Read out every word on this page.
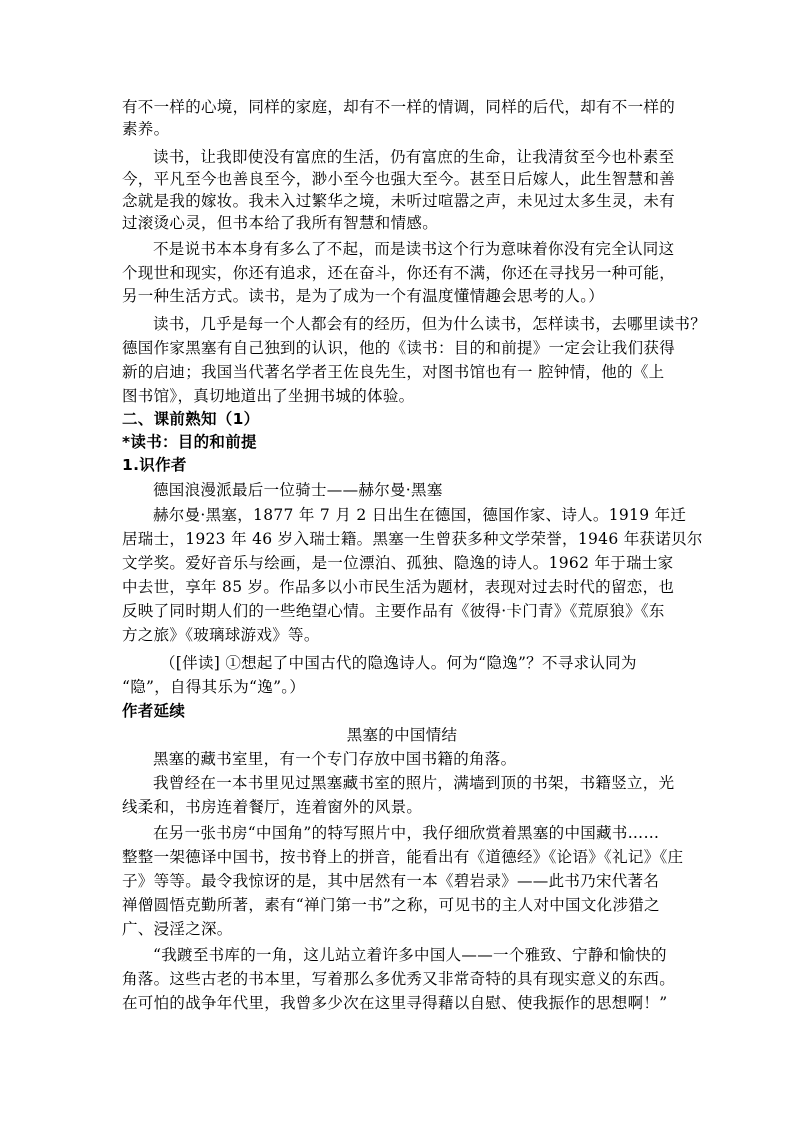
有不一样的心境，同样的家庭，却有不一样的情调，同样的后代，却有不一样的
素养。
读书，让我即使没有富庶的生活，仍有富庶的生命，让我清贫至今也朴素至
今，平凡至今也善良至今，渺小至今也强大至今。甚至日后嫁人，此生智慧和善
念就是我的嫁妆。我未入过繁华之境，未听过喧嚣之声，未见过太多生灵，未有
过滚烫心灵，但书本给了我所有智慧和情感。
不是说书本本身有多么了不起，而是读书这个行为意味着你没有完全认同这
个现世和现实，你还有追求，还在奋斗，你还有不满，你还在寻找另一种可能，
另一种生活方式。读书，是为了成为一个有温度懂情趣会思考的人。）
读书，几乎是每一个人都会有的经历，但为什么读书，怎样读书，去哪里读书？
德国作家黑塞有自己独到的认识，他的《读书：目的和前提》一定会让我们获得
新的启迪；我国当代著名学者王佐良先生，对图书馆也有一 腔钟情，他的《上
图书馆》，真切地道出了坐拥书城的体验。
二、课前熟知（1）
*读书：目的和前提
1.识作者
德国浪漫派最后一位骑士——赫尔曼·黑塞
赫尔曼·黑塞，1877 年 7 月 2 日出生在德国，德国作家、诗人。1919 年迁
居瑞士，1923 年 46 岁入瑞士籍。黑塞一生曾获多种文学荣誉，1946 年获诺贝尔
文学奖。爱好音乐与绘画，是一位漂泊、孤独、隐逸的诗人。1962 年于瑞士家
中去世，享年 85 岁。作品多以小市民生活为题材，表现对过去时代的留恋，也
反映了同时期人们的一些绝望心情。主要作品有《彼得·卡门青》《荒原狼》《东
方之旅》《玻璃球游戏》等。
（[伴读] ①想起了中国古代的隐逸诗人。何为“隐逸”？不寻求认同为
“隐”，自得其乐为“逸”。）
作者延续
黑塞的中国情结
黑塞的藏书室里，有一个专门存放中国书籍的角落。
我曾经在一本书里见过黑塞藏书室的照片，满墙到顶的书架，书籍竖立，光
线柔和，书房连着餐厅，连着窗外的风景。
在另一张书房“中国角”的特写照片中，我仔细欣赏着黑塞的中国藏书……
整整一架德译中国书，按书脊上的拼音，能看出有《道德经》《论语》《礼记》《庄
子》等等。最令我惊讶的是，其中居然有一本《碧岩录》——此书乃宋代著名
禅僧圆悟克勤所著，素有“禅门第一书”之称，可见书的主人对中国文化涉猎之
广、浸淫之深。
“我踱至书库的一角，这儿站立着许多中国人——一个雅致、宁静和愉快的
角落。这些古老的书本里，写着那么多优秀又非常奇特的具有现实意义的东西。
在可怕的战争年代里，我曾多少次在这里寻得藉以自慰、使我振作的思想啊！”
